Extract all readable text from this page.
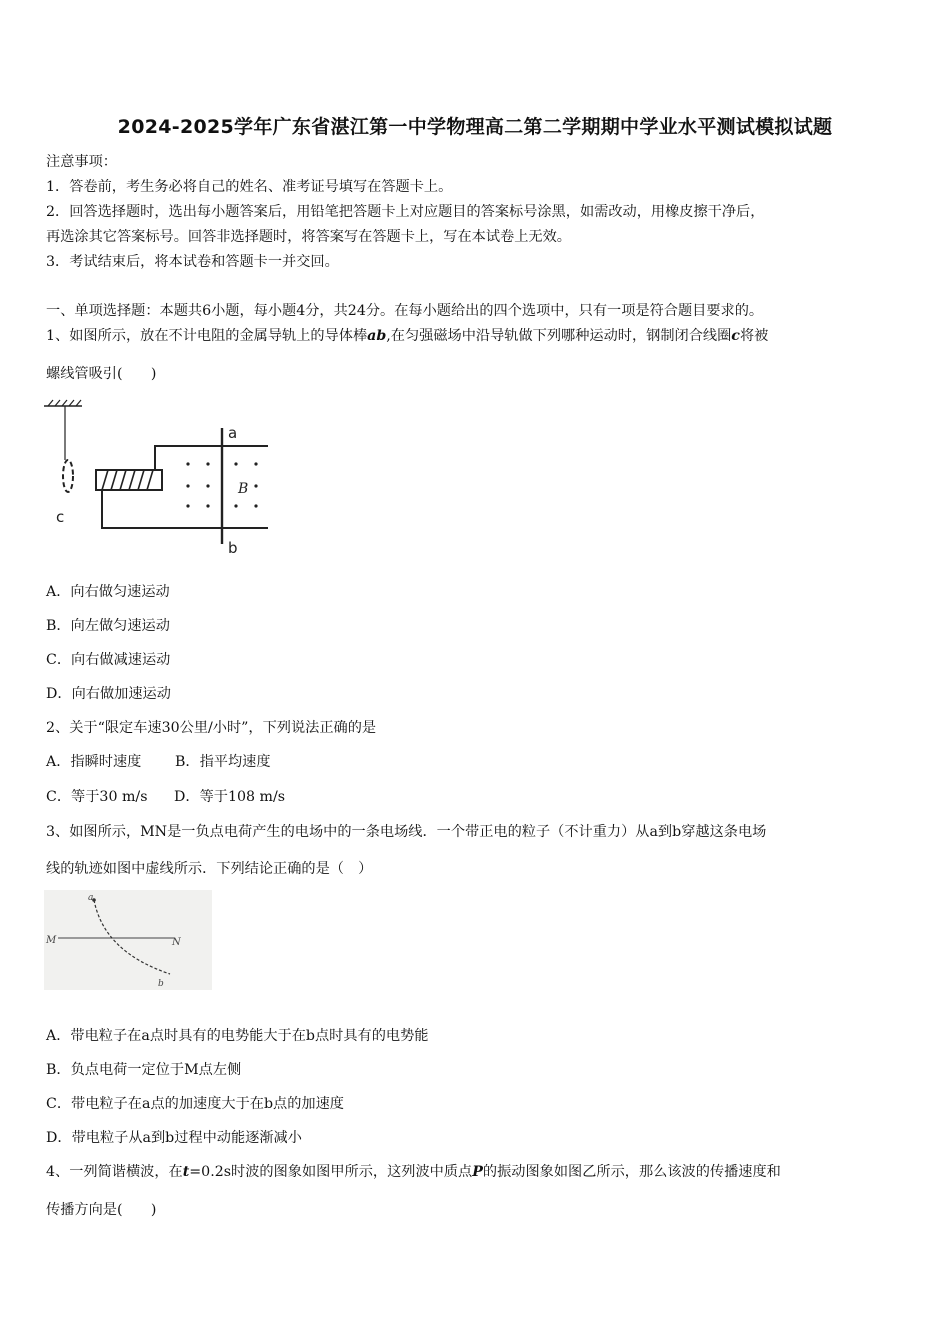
2024-2025学年广东省湛江第一中学物理高二第二学期期中学业水平测试模拟试题
注意事项：
1．答卷前，考生务必将自己的姓名、准考证号填写在答题卡上。
2．回答选择题时，选出每小题答案后，用铅笔把答题卡上对应题目的答案标号涂黑，如需改动，用橡皮擦干净后，
再选涂其它答案标号。回答非选择题时，将答案写在答题卡上，写在本试卷上无效。
3．考试结束后，将本试卷和答题卡一并交回。
一、单项选择题：本题共6小题，每小题4分，共24分。在每小题给出的四个选项中，只有一项是符合题目要求的。
1、如图所示，放在不计电阻的金属导轨上的导体棒ab,在匀强磁场中沿导轨做下列哪种运动时，钢制闭合线圈c将被
螺线管吸引(　　)
c
a
b
B
A．向右做匀速运动
B．向左做匀速运动
C．向右做减速运动
D．向右做加速运动
2、关于“限定车速30公里/小时”，下列说法正确的是
A．指瞬时速度 B．指平均速度
C．等于30 m/s D．等于108 m/s
3、如图所示，MN是一负点电荷产生的电场中的一条电场线．一个带正电的粒子（不计重力）从a到b穿越这条电场
线的轨迹如图中虚线所示．下列结论正确的是（　）
M	N
a
b
A．带电粒子在a点时具有的电势能大于在b点时具有的电势能
B．负点电荷一定位于M点左侧
C．带电粒子在a点的加速度大于在b点的加速度
D．带电粒子从a到b过程中动能逐渐减小
4、一列简谐横波，在t=0.2s时波的图象如图甲所示，这列波中质点P的振动图象如图乙所示，那么该波的传播速度和
传播方向是(　　)
